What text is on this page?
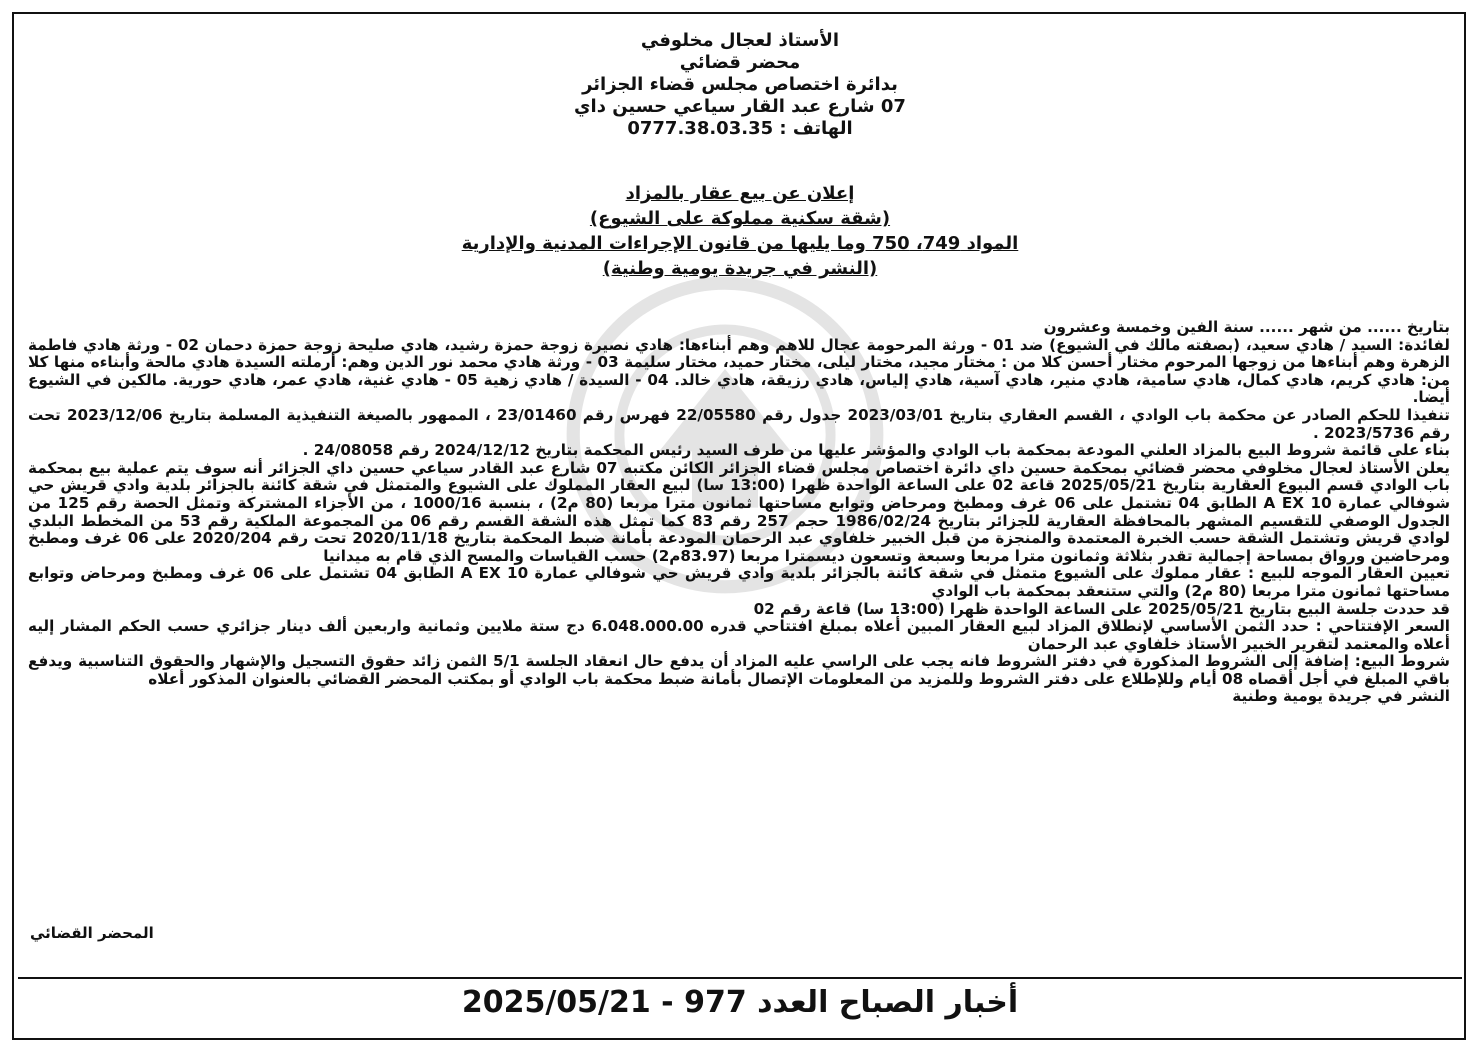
الأستاذ لعجال مخلوفي
محضر قضائي
بدائرة اختصاص مجلس قضاء الجزائر
07 شارع عبد القار سياعي حسين داي
الهاتف : 0777.38.03.35
إعلان عن بيع عقار بالمزاد
(شقة سكنية مملوكة على الشيوع)
المواد 749، 750 وما يليها من قانون الإجراءات المدنية والإدارية
(النشر في جريدة يومية وطنية)

بتاريخ ...... من شهر ...... سنة الفين وخمسة وعشرون

لفائدة: السيد / هادي سعيد، (بصفته مالك في الشيوع) ضد 01 - ورثة المرحومة عجال للاهم وهم أبناءها: هادي نصيرة زوجة حمزة رشيد، هادي صليحة زوجة حمزة دحمان 02 - ورثة هادي فاطمة الزهرة وهم أبناءها من زوجها المرحوم مختار أحسن كلا من : مختار مجيد، مختار ليلى، مختار حميد، مختار سليمة 03 - ورثة هادي محمد نور الدين وهم: أرملته السيدة هادي مالحة وأبناءه منها كلا من: هادي كريم، هادي كمال، هادي سامية، هادي منير، هادي آسية، هادي إلياس، هادي رزيقة، هادي خالد. 04 - السيدة / هادي زهية 05 - هادي غنية، هادي عمر، هادي حورية. مالكين في الشيوع أيضا.

تنفيذا للحكم الصادر عن محكمة باب الوادي ، القسم العقاري بتاريخ 2023/03/01 جدول رقم 22/05580 فهرس رقم 23/01460 ، الممهور بالصيغة التنفيذية المسلمة بتاريخ 2023/12/06 تحت رقم 2023/5736 .

بناء على قائمة شروط البيع بالمزاد العلني المودعة بمحكمة باب الوادي والمؤشر عليها من طرف السيد رئيس المحكمة بتاريخ 2024/12/12 رقم 24/08058 .

يعلن الأستاذ لعجال مخلوفي محضر قضائي بمحكمة حسين داي دائرة اختصاص مجلس قضاء الجزائر الكائن مكتبه 07 شارع عبد القادر سياعي حسين داي الجزائر أنه سوف يتم عملية بيع بمحكمة باب الوادي قسم البيوع العقارية بتاريخ 2025/05/21 قاعة 02 على الساعة الواحدة ظهرا (13:00 سا) لبيع العقار المملوك على الشيوع والمتمثل في شقة كائنة بالجزائر بلدية وادي قريش حي شوفالي عمارة A EX 10 الطابق 04 تشتمل على 06 غرف ومطبخ ومرحاض وتوابع مساحتها ثمانون مترا مربعا (80 م2) ، بنسبة 1000/16 ، من الأجزاء المشتركة وتمثل الحصة رقم 125 من الجدول الوصفي للتقسيم المشهر بالمحافظة العقارية للجزائر بتاريخ 1986/02/24 حجم 257 رقم 83 كما تمثل هذه الشقة القسم رقم 06 من المجموعة الملكية رقم 53 من المخطط البلدي لوادي قريش وتشتمل الشقة حسب الخبرة المعتمدة والمنجزة من قبل الخبير خلفاوي عبد الرحمان المودعة بأمانة ضبط المحكمة بتاريخ 2020/11/18 تحت رقم 2020/204 على 06 غرف ومطبخ ومرحاضين ورواق بمساحة إجمالية تقدر بثلاثة وثمانون مترا مربعا وسبعة وتسعون ديسمترا مربعا (83.97م2) حسب القياسات والمسح الذي قام به ميدانيا

تعيين العقار الموجه للبيع : عقار مملوك على الشيوع متمثل في شقة كائنة بالجزائر بلدية وادي قريش حي شوفالي عمارة A EX 10 الطابق 04 تشتمل على 06 غرف ومطبخ ومرحاض وتوابع مساحتها ثمانون مترا مربعا (80 م2) والتي ستنعقد بمحكمة باب الوادي

قد حددت جلسة البيع بتاريخ 2025/05/21 على الساعة الواحدة ظهرا (13:00 سا) قاعة رقم 02

السعر الإفتتاحي : حدد الثمن الأساسي لإنطلاق المزاد لبيع العقار المبين أعلاه بمبلغ افتتاحي قدره 6.048.000.00 دج ستة ملايين وثمانية واربعين ألف دينار جزائري حسب الحكم المشار إليه أعلاه والمعتمد لتقرير الخبير الأستاذ خلفاوي عبد الرحمان

شروط البيع: إضافة إلى الشروط المذكورة في دفتر الشروط فانه يجب على الراسي عليه المزاد أن يدفع حال انعقاد الجلسة 5/1 الثمن زائد حقوق التسجيل والإشهار والحقوق التناسبية ويدفع باقي المبلغ في أجل أقصاه 08 أيام وللإطلاع على دفتر الشروط وللمزيد من المعلومات الإتصال بأمانة ضبط محكمة باب الوادي أو بمكتب المحضر القضائي بالعنوان المذكور أعلاه

النشر في جريدة يومية وطنية

المحضر القضائي
أخبار الصباح العدد 977 - 2025/05/21
